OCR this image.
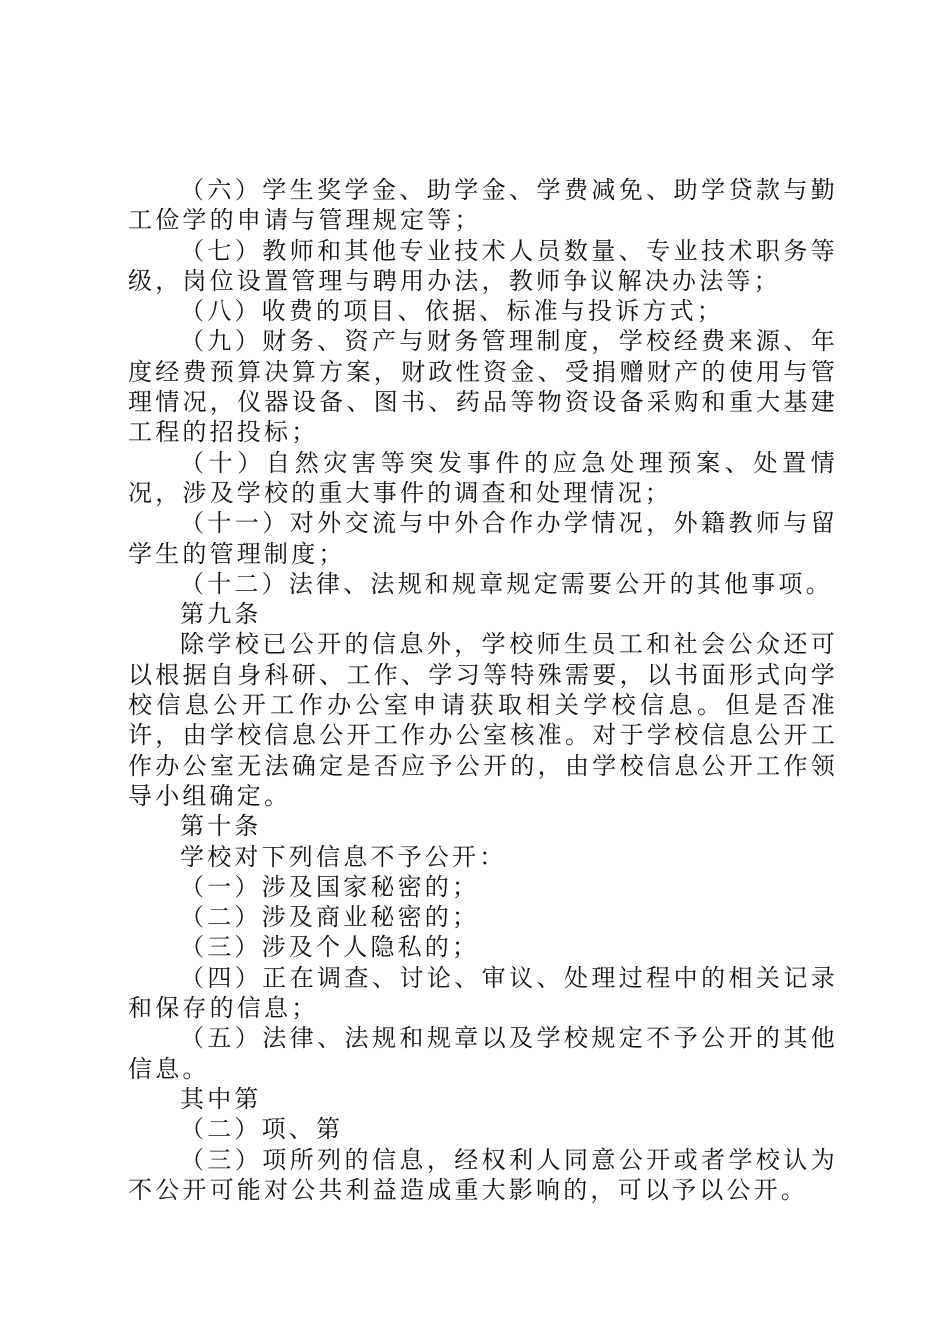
（六）学生奖学金、助学金、学费减免、助学贷款与勤工俭学的申请与管理规定等；

（七）教师和其他专业技术人员数量、专业技术职务等级，岗位设置管理与聘用办法，教师争议解决办法等；

（八）收费的项目、依据、标准与投诉方式；

（九）财务、资产与财务管理制度，学校经费来源、年度经费预算决算方案，财政性资金、受捐赠财产的使用与管理情况，仪器设备、图书、药品等物资设备采购和重大基建工程的招投标；

（十）自然灾害等突发事件的应急处理预案、处置情况，涉及学校的重大事件的调查和处理情况；

（十一）对外交流与中外合作办学情况，外籍教师与留学生的管理制度；

（十二）法律、法规和规章规定需要公开的其他事项。

第九条

除学校已公开的信息外，学校师生员工和社会公众还可以根据自身科研、工作、学习等特殊需要，以书面形式向学校信息公开工作办公室申请获取相关学校信息。但是否准许，由学校信息公开工作办公室核准。对于学校信息公开工作办公室无法确定是否应予公开的，由学校信息公开工作领导小组确定。

第十条

学校对下列信息不予公开：

（一）涉及国家秘密的；

（二）涉及商业秘密的；

（三）涉及个人隐私的；

（四）正在调查、讨论、审议、处理过程中的相关记录和保存的信息；

（五）法律、法规和规章以及学校规定不予公开的其他信息。

其中第

（二）项、第

（三）项所列的信息，经权利人同意公开或者学校认为不公开可能对公共利益造成重大影响的，可以予以公开。
